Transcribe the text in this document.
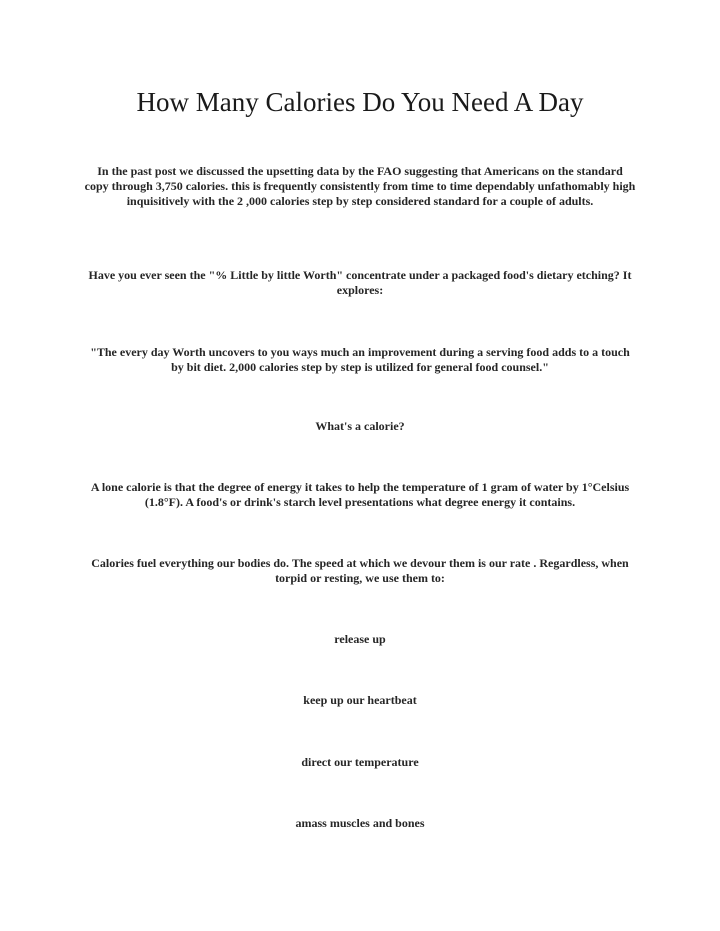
How Many Calories Do You Need A Day

In the past post we discussed the upsetting data by the FAO suggesting that Americans on the standard copy through 3,750 calories. this is frequently consistently from time to time dependably unfathomably high inquisitively with the 2 ,000 calories step by step considered standard for a couple of adults.

Have you ever seen the "% Little by little Worth" concentrate under a packaged food's dietary etching? It explores:

"The every day Worth uncovers to you ways much an improvement during a serving food adds to a touch by bit diet. 2,000 calories step by step is utilized for general food counsel."

What's a calorie?

A lone calorie is that the degree of energy it takes to help the temperature of 1 gram of water by 1°Celsius (1.8°F). A food's or drink's starch level presentations what degree energy it contains.

Calories fuel everything our bodies do. The speed at which we devour them is our rate . Regardless, when torpid or resting, we use them to:

release up

keep up our heartbeat

direct our temperature

amass muscles and bones
